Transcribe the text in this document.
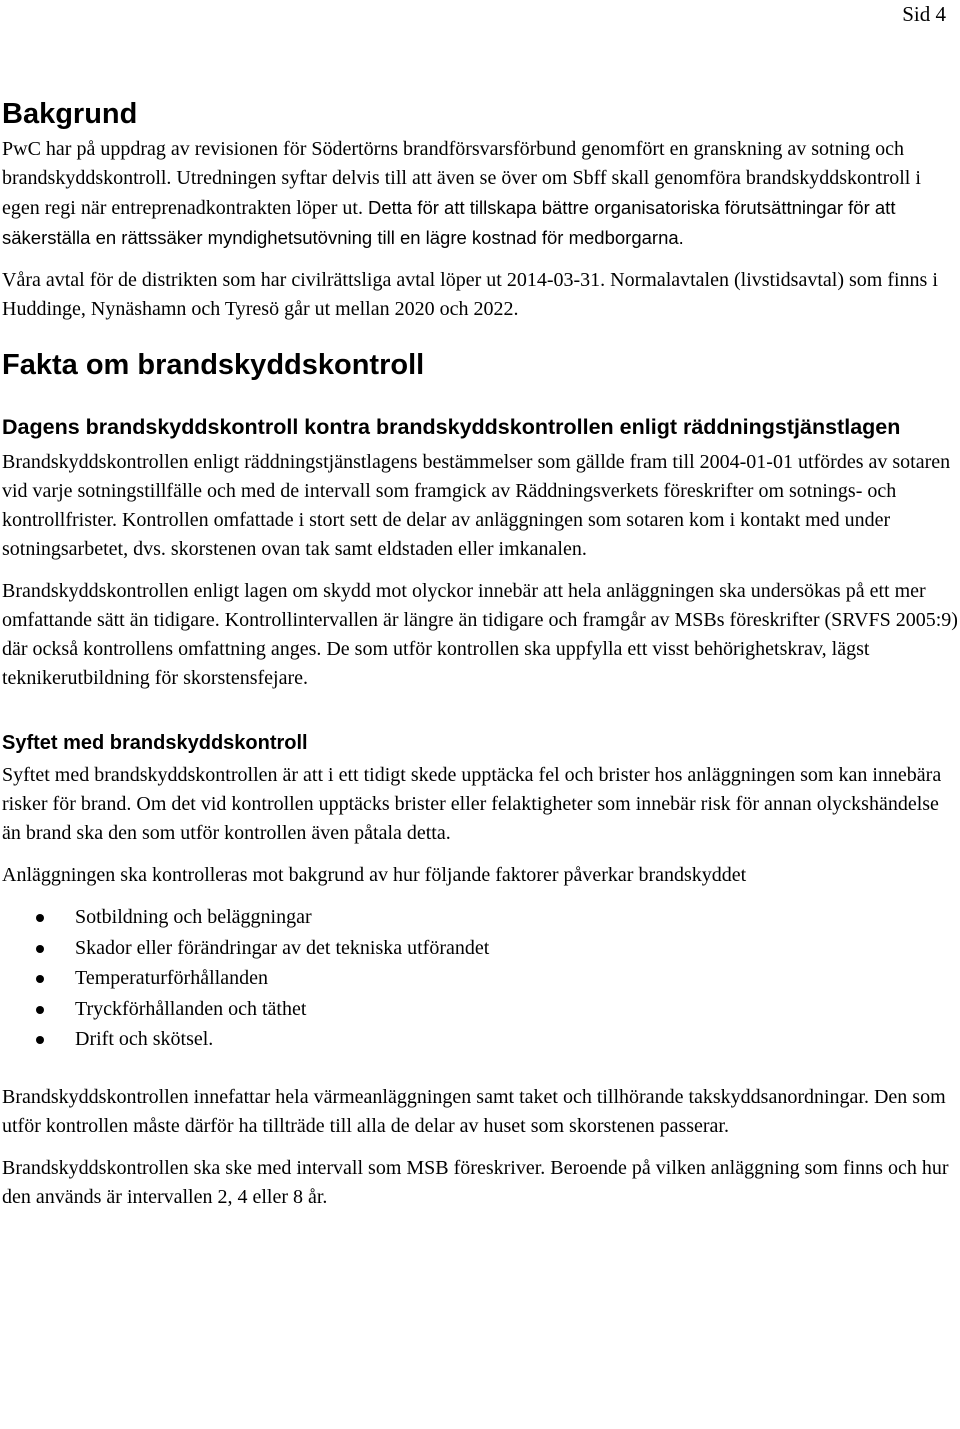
Sid 4
Bakgrund

PwC har på uppdrag av revisionen för Södertörns brandförsvarsförbund genomfört en granskning av sotning och brandskyddskontroll. Utredningen syftar delvis till att även se över om Sbff skall genomföra brandskyddskontroll i egen regi när entreprenadkontrakten löper ut. Detta för att tillskapa bättre organisatoriska förutsättningar för att säkerställa en rättssäker myndighetsutövning till en lägre kostnad för medborgarna.

Våra avtal för de distrikten som har civilrättsliga avtal löper ut 2014-03-31. Normalavtalen (livstidsavtal) som finns i Huddinge, Nynäshamn och Tyresö går ut mellan 2020 och 2022.

Fakta om brandskyddskontroll
Dagens brandskyddskontroll kontra brandskyddskontrollen enligt räddningstjänstlagen

Brandskyddskontrollen enligt räddningstjänstlagens bestämmelser som gällde fram till 2004-01-01 utfördes av sotaren vid varje sotningstillfälle och med de intervall som framgick av Räddningsverkets föreskrifter om sotnings- och kontrollfrister. Kontrollen omfattade i stort sett de delar av anläggningen som sotaren kom i kontakt med under sotningsarbetet, dvs. skorstenen ovan tak samt eldstaden eller imkanalen.

Brandskyddskontrollen enligt lagen om skydd mot olyckor innebär att hela anläggningen ska undersökas på ett mer omfattande sätt än tidigare. Kontrollintervallen är längre än tidigare och framgår av MSBs föreskrifter (SRVFS 2005:9) där också kontrollens omfattning anges. De som utför kontrollen ska uppfylla ett visst behörighetskrav, lägst teknikerutbildning för skorstensfejare.

Syftet med brandskyddskontroll

Syftet med brandskyddskontrollen är att i ett tidigt skede upptäcka fel och brister hos anläggningen som kan innebära risker för brand. Om det vid kontrollen upptäcks brister eller felaktigheter som innebär risk för annan olyckshändelse än brand ska den som utför kontrollen även påtala detta.

Anläggningen ska kontrolleras mot bakgrund av hur följande faktorer påverkar brandskyddet

Sotbildning och beläggningar
Skador eller förändringar av det tekniska utförandet
Temperaturförhållanden
Tryckförhållanden och täthet
Drift och skötsel.

Brandskyddskontrollen innefattar hela värmeanläggningen samt taket och tillhörande takskyddsanordningar. Den som utför kontrollen måste därför ha tillträde till alla de delar av huset som skorstenen passerar.

Brandskyddskontrollen ska ske med intervall som MSB föreskriver. Beroende på vilken anläggning som finns och hur den används är intervallen 2, 4 eller 8 år.
